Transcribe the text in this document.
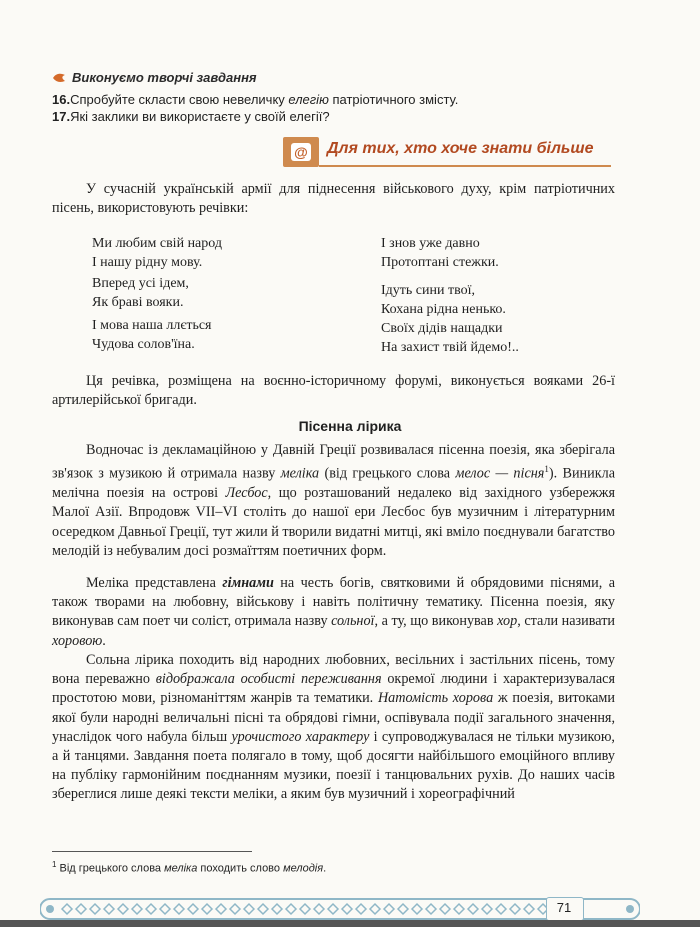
Виконуємо творчі завдання
16.Спробуйте скласти свою невеличку елегію патріотичного змісту.
17.Які заклики ви використаєте у своїй елегії?
@ Для тих, хто хоче знати більше
У сучасній українській армії для піднесення військового духу, крім патріотичних пісень, використовують речівки:
Ми любим свій народ
І нашу рідну мову.
Вперед усі ідем,
Як браві вояки.
І мова наша ллється
Чудова солов'їна.
І знов уже давно
Протоптані стежки.
Ідуть сини твої,
Кохана рідна ненько.
Своїх дідів нащадки
На захист твій йдемо!..
Ця речівка, розміщена на воєнно-історичному форумі, виконується вояками 26-ї артилерійської бригади.
Пісенна лірика
Водночас із декламаційною у Давній Греції розвивалася пісенна поезія, яка зберігала зв'язок з музикою й отримала назву меліка (від грецького слова мелос — пісня$^1$). Виникла мелічна поезія на острові Лесбос, що розташований недалеко від західного узбережжя Малої Азії. Впродовж VII–VI століть до нашої ери Лесбос був музичним і літературним осередком Давньої Греції, тут жили й творили видатні митці, які вміло поєднували багатство мелодій із небувалим досі розмаїттям поетичних форм.
Меліка представлена гімнами на честь богів, святковими й обрядовими піснями, а також творами на любовну, військову і навіть політичну тематику. Пісенна поезія, яку виконував сам поет чи соліст, отримала назву сольної, а ту, що виконував хор, стали називати хоровою.
Сольна лірика походить від народних любовних, весільних і застільних пісень, тому вона переважно відображала особисті переживання окремої людини і характеризувалася простотою мови, різноманіттям жанрів та тематики. Натомість хорова ж поезія, витоками якої були народні величальні пісні та обрядові гімни, оспівувала події загального значення, унаслідок чого набула більш урочистого характеру і супроводжувалася не тільки музикою, а й танцями. Завдання поета полягало в тому, щоб досягти найбільшого емоційного впливу на публіку гармонійним поєднанням музики, поезії і танцювальних рухів. До наших часів збереглися лише деякі тексти меліки, а яким був музичний і хореографічний
$^1$ Від грецького слова меліка походить слово мелодія.
71
